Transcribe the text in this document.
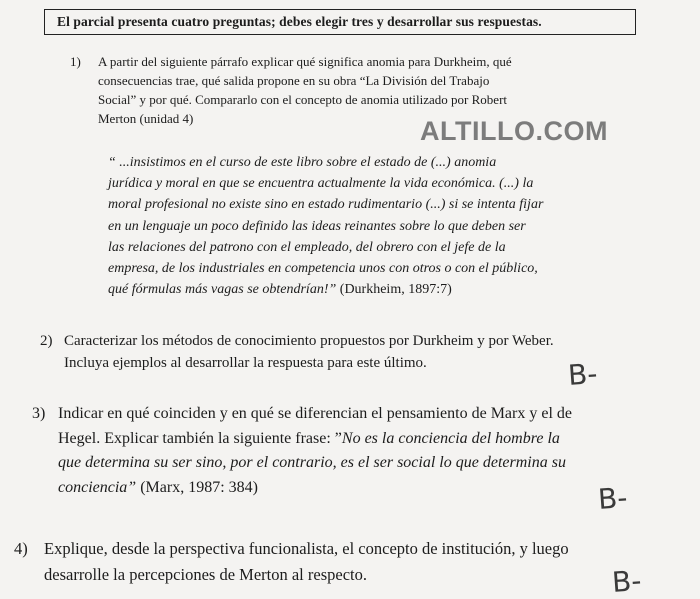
El parcial presenta cuatro preguntas; debes elegir tres y desarrollar sus respuestas.
ALTILLO.COM
1) A partir del siguiente párrafo explicar qué significa anomia para Durkheim, qué
consecuencias trae, qué salida propone en su obra “La División del Trabajo
Social” y por qué. Compararlo con el concepto de anomia utilizado por Robert
Merton (unidad 4)
“ ...insistimos en el curso de este libro sobre el estado de (...) anomia
jurídica y moral en que se encuentra actualmente la vida económica. (...) la
moral profesional no existe sino en estado rudimentario (...) si se intenta fijar
en un lenguaje un poco definido las ideas reinantes sobre lo que deben ser
las relaciones del patrono con el empleado, del obrero con el jefe de la
empresa, de los industriales en competencia unos con otros o con el público,
qué fórmulas más vagas se obtendrían!” (Durkheim, 1897:7)
2) Caracterizar los métodos de conocimiento propuestos por Durkheim y por Weber.
Incluya ejemplos al desarrollar la respuesta para este último.
3) Indicar en qué coinciden y en qué se diferencian el pensamiento de Marx y el de
Hegel. Explicar también la siguiente frase: ”No es la conciencia del hombre la
que determina su ser sino, por el contrario, es el ser social lo que determina su
conciencia” (Marx, 1987: 384)
4) Explique, desde la perspectiva funcionalista, el concepto de institución, y luego
desarrolle la percepciones de Merton al respecto.
B-
B-
B-
